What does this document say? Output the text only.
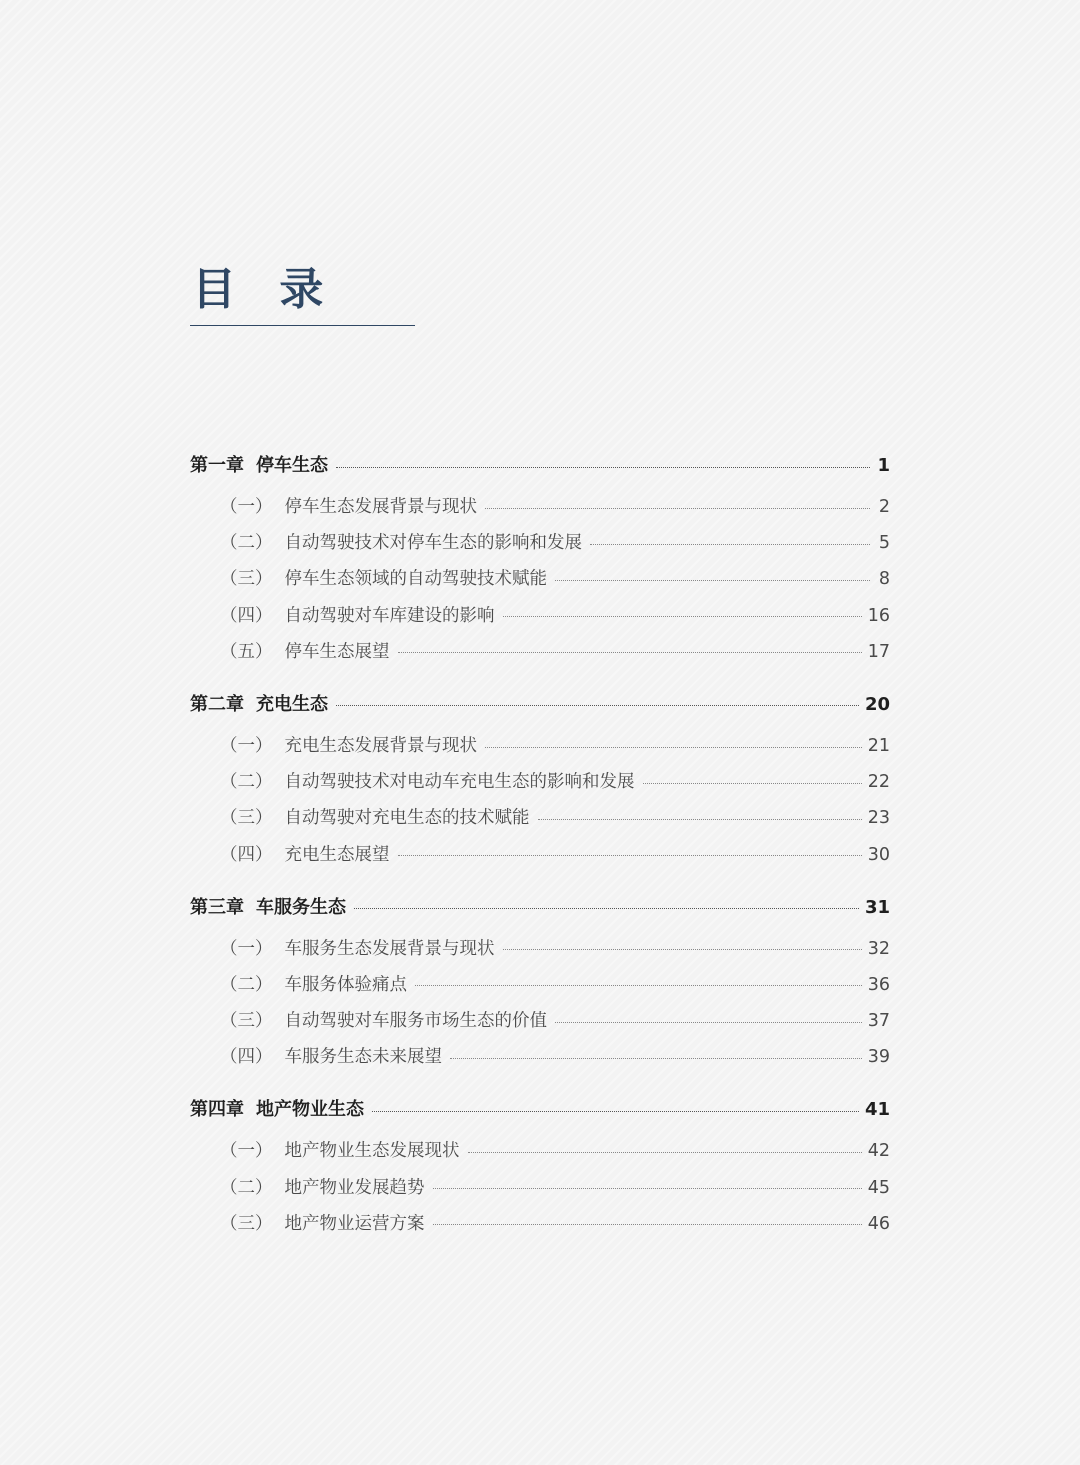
目 录
第一章 停车生态	1
（一） 停车生态发展背景与现状	2
（二） 自动驾驶技术对停车生态的影响和发展	5
（三） 停车生态领域的自动驾驶技术赋能	8
（四） 自动驾驶对车库建设的影响	16
（五） 停车生态展望	17
第二章 充电生态	20
（一） 充电生态发展背景与现状	21
（二） 自动驾驶技术对电动车充电生态的影响和发展	22
（三） 自动驾驶对充电生态的技术赋能	23
（四） 充电生态展望	30
第三章 车服务生态	31
（一） 车服务生态发展背景与现状	32
（二） 车服务体验痛点	36
（三） 自动驾驶对车服务市场生态的价值	37
（四） 车服务生态未来展望	39
第四章 地产物业生态	41
（一） 地产物业生态发展现状	42
（二） 地产物业发展趋势	45
（三） 地产物业运营方案	46
